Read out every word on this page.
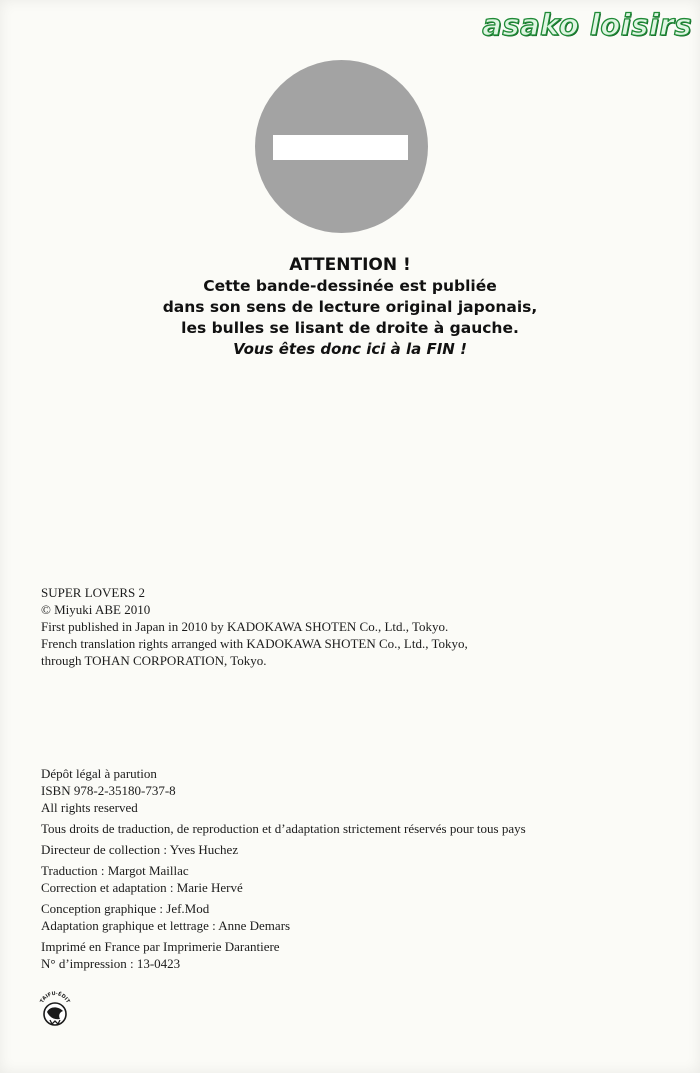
asako loisirs
ATTENTION !
Cette bande-dessinée est publiée
dans son sens de lecture original japonais,
les bulles se lisant de droite à gauche.
Vous êtes donc ici à la FIN !
SUPER LOVERS 2
© Miyuki ABE 2010
First published in Japan in 2010 by KADOKAWA SHOTEN Co., Ltd., Tokyo.
French translation rights arranged with KADOKAWA SHOTEN Co., Ltd., Tokyo,
through TOHAN CORPORATION, Tokyo.
Dépôt légal à parution
ISBN 978-2-35180-737-8
All rights reserved
Tous droits de traduction, de reproduction et d’adaptation strictement réservés pour tous pays
Directeur de collection : Yves Huchez
Traduction : Margot Maillac
Correction et adaptation : Marie Hervé
Conception graphique : Jef.Mod
Adaptation graphique et lettrage : Anne Demars
Imprimé en France par Imprimerie Darantiere
N° d’impression : 13-0423
TAIFU·ÉDIT
